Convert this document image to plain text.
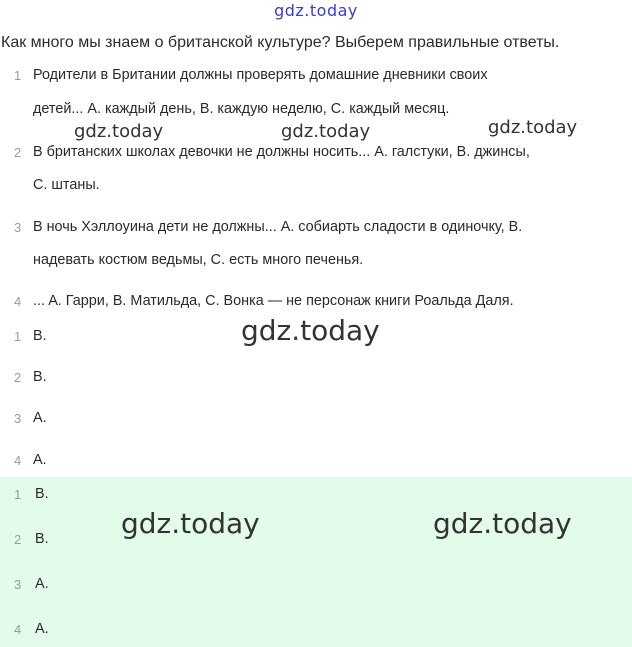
gdz.today
Как много мы знаем о британской культуре? Выберем правильные ответы.
1 Родители в Британии должны проверять домашние дневники своих
детей... A. каждый день, B. каждую неделю, C. каждый месяц.
gdz.today	gdz.today	gdz.today
2 В британских школах девочки не должны носить... A. галстуки, B. джинсы,
C. штаны.
3 В ночь Хэллоуина дети не должны... A. собиарть сладости в одиночку, B.
надевать костюм ведьмы, C. есть много печенья.
4 ... A. Гарри, B. Матильда, C. Вонка — не персонаж книги Роальда Даля.
gdz.today
1 B.
2 B.
3 A.
4 A.
gdz.today	gdz.today
1 B.
2 B.
3 A.
4 A.
